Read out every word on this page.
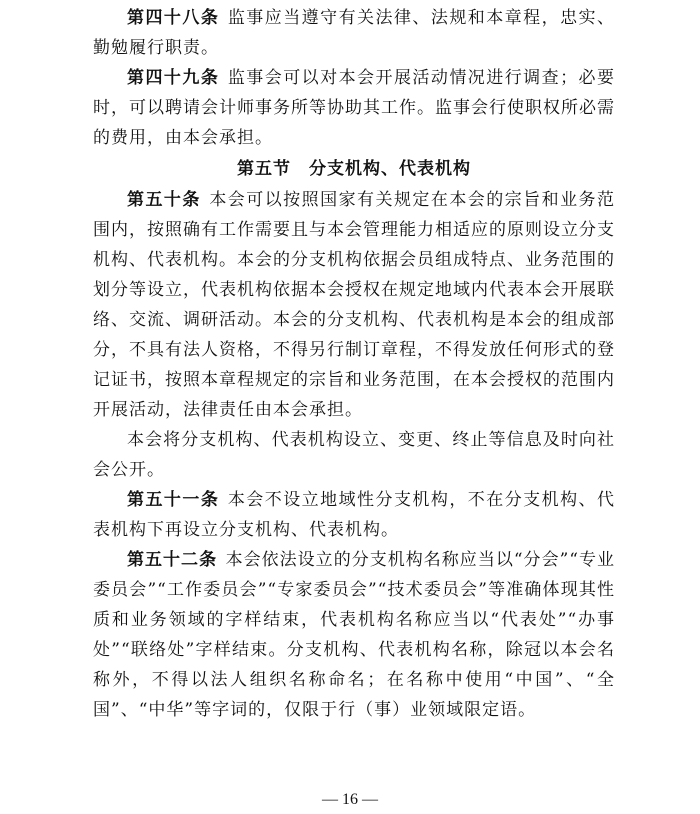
第四十八条 监事应当遵守有关法律、法规和本章程，忠实、勤勉履行职责。

第四十九条 监事会可以对本会开展活动情况进行调查；必要时，可以聘请会计师事务所等协助其工作。监事会行使职权所必需的费用，由本会承担。

第五节　分支机构、代表机构

第五十条 本会可以按照国家有关规定在本会的宗旨和业务范围内，按照确有工作需要且与本会管理能力相适应的原则设立分支机构、代表机构。本会的分支机构依据会员组成特点、业务范围的划分等设立，代表机构依据本会授权在规定地域内代表本会开展联络、交流、调研活动。本会的分支机构、代表机构是本会的组成部分，不具有法人资格，不得另行制订章程，不得发放任何形式的登记证书，按照本章程规定的宗旨和业务范围，在本会授权的范围内开展活动，法律责任由本会承担。

本会将分支机构、代表机构设立、变更、终止等信息及时向社会公开。

第五十一条 本会不设立地域性分支机构，不在分支机构、代表机构下再设立分支机构、代表机构。

第五十二条 本会依法设立的分支机构名称应当以“分会”“专业委员会”“工作委员会”“专家委员会”“技术委员会”等准确体现其性质和业务领域的字样结束，代表机构名称应当以“代表处”“办事处”“联络处”字样结束。分支机构、代表机构名称，除冠以本会名称外，不得以法人组织名称命名；在名称中使用“中国”、“全国”、“中华”等字词的，仅限于行（事）业领域限定语。

— 16 —
